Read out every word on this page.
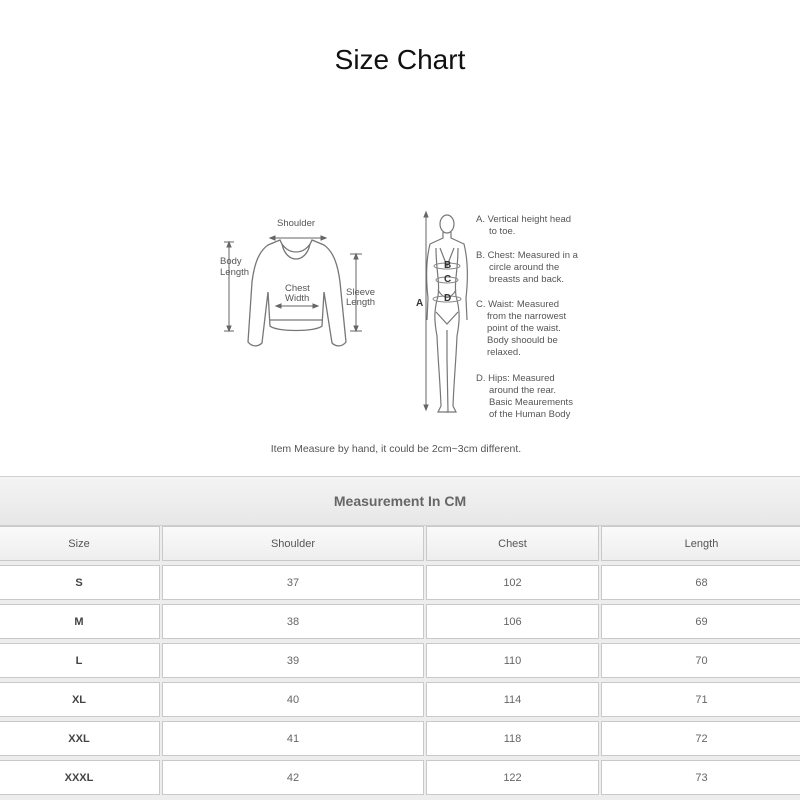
Size Chart
Shoulder
Body
Length
Chest
Width
Sleeve
Length	A
B
C
D
A. Vertical height head
to toe.
B. Chest: Measured in a
circle around the
breasts and back.
C. Waist: Measured
from the narrowest
point of the waist.
Body shoould be
relaxed.
D. Hips: Measured
around the rear.
Basic Meaurements
of the Human Body
Item Measure by hand, it could be 2cm~3cm different.
Measurement In CM
Size	Shoulder	Chest	Length
S	37	102	68
M	38	106	69
L	39	110	70
XL	40	114	71
XXL	41	118	72
XXXL	42	122	73
